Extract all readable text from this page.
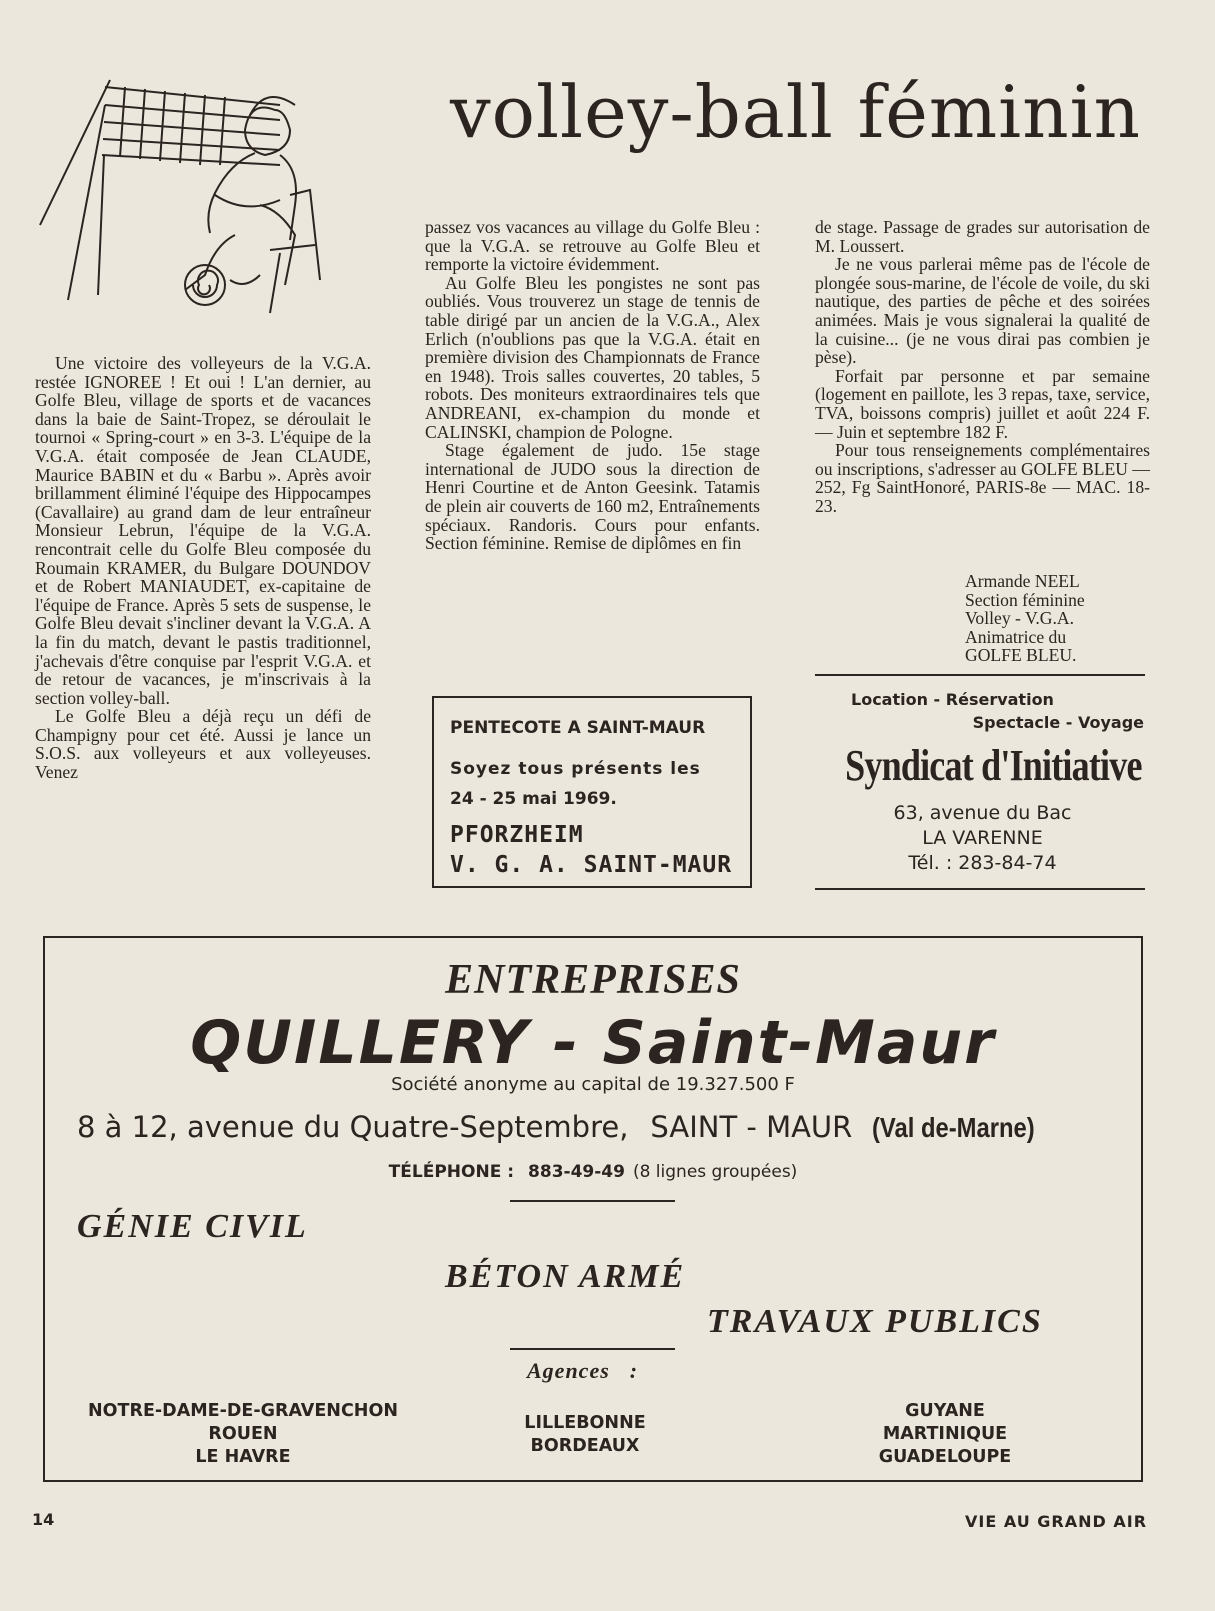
volley-ball féminin

Une victoire des volleyeurs de la V.G.A. restée IGNOREE ! Et oui ! L'an dernier, au Golfe Bleu, village de sports et de vacances dans la baie de Saint-Tropez, se déroulait le tournoi « Spring-court » en 3-3. L'équipe de la V.G.A. était composée de Jean CLAUDE, Maurice BABIN et du « Barbu ». Après avoir brillamment éliminé l'équipe des Hippocampes (Cavallaire) au grand dam de leur entraîneur Monsieur Lebrun, l'équipe de la V.G.A. rencontrait celle du Golfe Bleu composée du Roumain KRAMER, du Bulgare DOUNDOV et de Robert MANIAUDET, ex-capitaine de l'équipe de France. Après 5 sets de suspense, le Golfe Bleu devait s'incliner devant la V.G.A. A la fin du match, devant le pastis traditionnel, j'achevais d'être conquise par l'esprit V.G.A. et de retour de vacances, je m'inscrivais à la section volley-ball.

Le Golfe Bleu a déjà reçu un défi de Champigny pour cet été. Aussi je lance un S.O.S. aux volleyeurs et aux volleyeuses. Venez

passez vos vacances au village du Golfe Bleu : que la V.G.A. se retrouve au Golfe Bleu et remporte la victoire évidemment.

Au Golfe Bleu les pongistes ne sont pas oubliés. Vous trouverez un stage de tennis de table dirigé par un ancien de la V.G.A., Alex Erlich (n'oublions pas que la V.G.A. était en première division des Championnats de France en 1948). Trois salles couvertes, 20 tables, 5 robots. Des moniteurs extraordinaires tels que ANDREANI, ex-champion du monde et CALINSKI, champion de Pologne.

Stage également de judo. 15e stage international de JUDO sous la direction de Henri Courtine et de Anton Geesink. Tatamis de plein air couverts de 160 m2, Entraînements spéciaux. Randoris. Cours pour enfants. Section féminine. Remise de diplômes en fin

de stage. Passage de grades sur autorisation de M. Loussert.

Je ne vous parlerai même pas de l'école de plongée sous-marine, de l'école de voile, du ski nautique, des parties de pêche et des soirées animées. Mais je vous signalerai la qualité de la cuisine... (je ne vous dirai pas combien je pèse).

Forfait par personne et par semaine (logement en paillote, les 3 repas, taxe, service, TVA, boissons compris) juillet et août 224 F. — Juin et septembre 182 F.

Pour tous renseignements complémentaires ou inscriptions, s'adresser au GOLFE BLEU — 252, Fg SaintHonoré, PARIS-8e — MAC. 18-23.

Armande NEEL
Section féminine
Volley - V.G.A.
Animatrice du
GOLFE BLEU.
PENTECOTE A SAINT-MAUR
Soyez tous présents les
24 - 25 mai 1969.
PFORZHEIM
V. G. A. SAINT-MAUR
Location - Réservation
Spectacle - Voyage
Syndicat d'Initiative
63, avenue du Bac
LA VARENNE
Tél. : 283-84-74
ENTREPRISES
QUILLERY - Saint-Maur
Société anonyme au capital de 19.327.500 F
8 à 12, avenue du Quatre-Septembre, SAINT - MAUR (Val de-Marne)
TÉLÉPHONE : 883-49-49 (8 lignes groupées)
GÉNIE CIVIL
BÉTON ARMÉ
TRAVAUX PUBLICS
Agences :
NOTRE-DAME-DE-GRAVENCHON
ROUEN
LE HAVRE
LILLEBONNE
BORDEAUX
GUYANE
MARTINIQUE
GUADELOUPE
14	VIE AU GRAND AIR
